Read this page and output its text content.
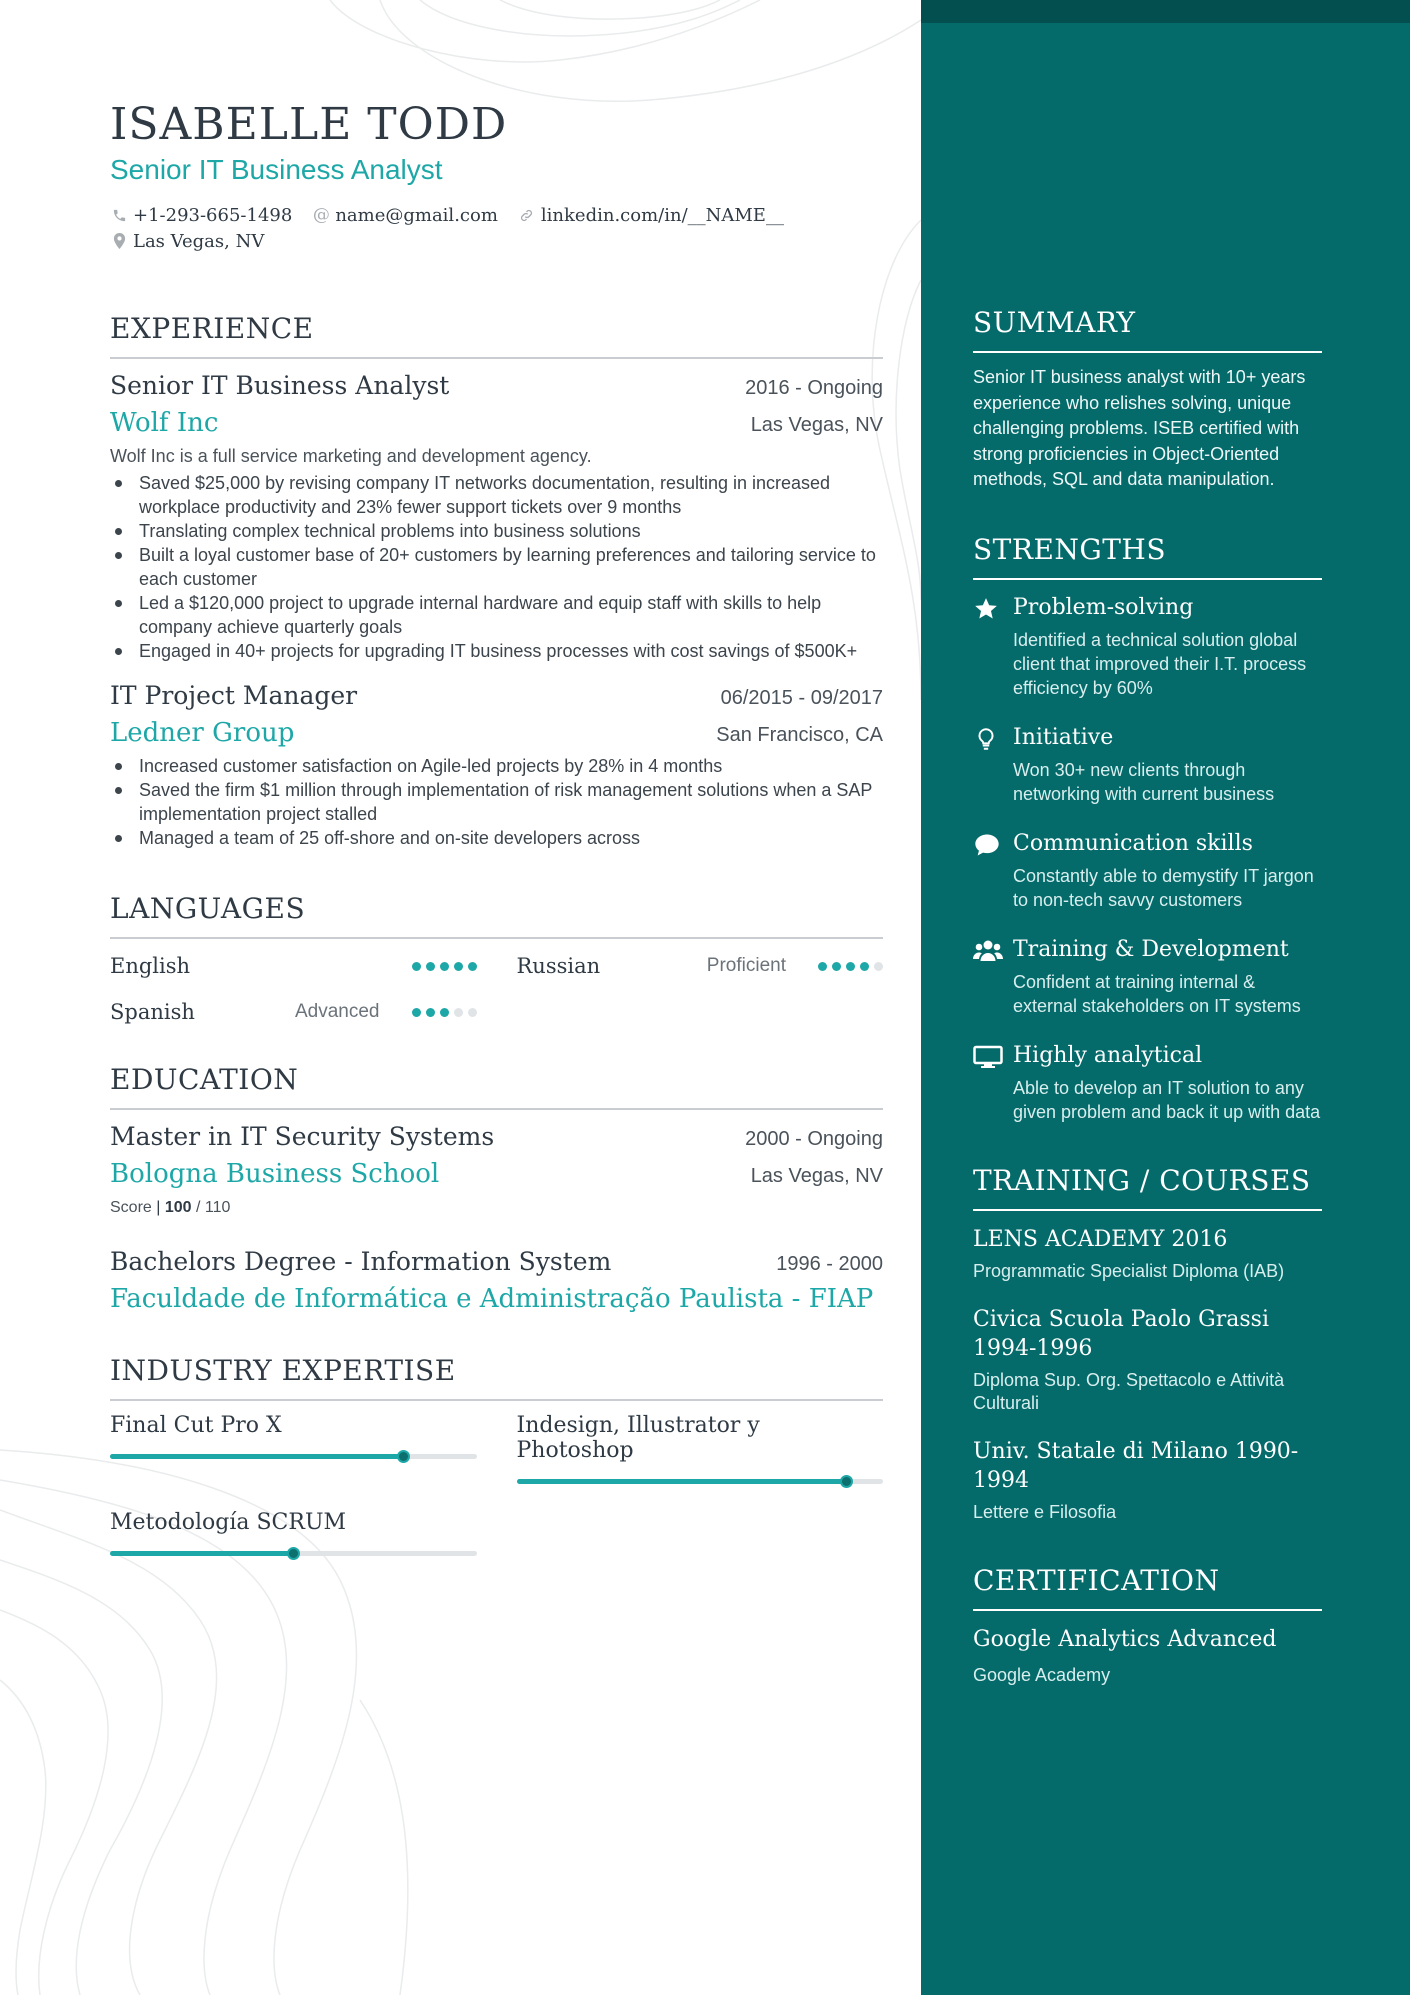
ISABELLE TODD
Senior IT Business Analyst
+1-293-665-1498 @ name@gmail.com linkedin.com/in/__NAME__
Las Vegas, NV
EXPERIENCE
Senior IT Business Analyst	2016 - Ongoing
Wolf Inc	Las Vegas, NV
Wolf Inc is a full service marketing and development agency.
Saved $25,000 by revising company IT networks documentation, resulting in increased workplace productivity and 23% fewer support tickets over 9 months
Translating complex technical problems into business solutions
Built a loyal customer base of 20+ customers by learning preferences and tailoring service to each customer
Led a $120,000 project to upgrade internal hardware and equip staff with skills to help company achieve quarterly goals
Engaged in 40+ projects for upgrading IT business processes with cost savings of $500K+
IT Project Manager	06/2015 - 09/2017
Ledner Group	San Francisco, CA
Increased customer satisfaction on Agile-led projects by 28% in 4 months
Saved the firm $1 million through implementation of risk management solutions when a SAP implementation project stalled
Managed a team of 25 off-shore and on-site developers across
LANGUAGES
English	Russian	Proficient
Spanish	Advanced
EDUCATION
Master in IT Security Systems	2000 - Ongoing
Bologna Business School	Las Vegas, NV
Score | 100 / 110
Bachelors Degree - Information System	1996 - 2000
Faculdade de Informática e Administração Paulista - FIAP
INDUSTRY EXPERTISE
Final Cut Pro X	Indesign, Illustrator y Photoshop
Metodología SCRUM
SUMMARY
Senior IT business analyst with 10+ years experience who relishes solving, unique challenging problems. ISEB certified with strong proficiencies in Object-Oriented methods, SQL and data manipulation.
STRENGTHS
Problem-solving
Identified a technical solution global client that improved their I.T. process efficiency by 60%
Initiative
Won 30+ new clients through networking with current business
Communication skills
Constantly able to demystify IT jargon to non-tech savvy customers
Training & Development
Confident at training internal & external stakeholders on IT systems
Highly analytical
Able to develop an IT solution to any given problem and back it up with data
TRAINING / COURSES
LENS ACADEMY 2016
Programmatic Specialist Diploma (IAB)
Civica Scuola Paolo Grassi 1994-1996
Diploma Sup. Org. Spettacolo e Attività Culturali
Univ. Statale di Milano 1990-1994
Lettere e Filosofia
CERTIFICATION
Google Analytics Advanced
Google Academy
